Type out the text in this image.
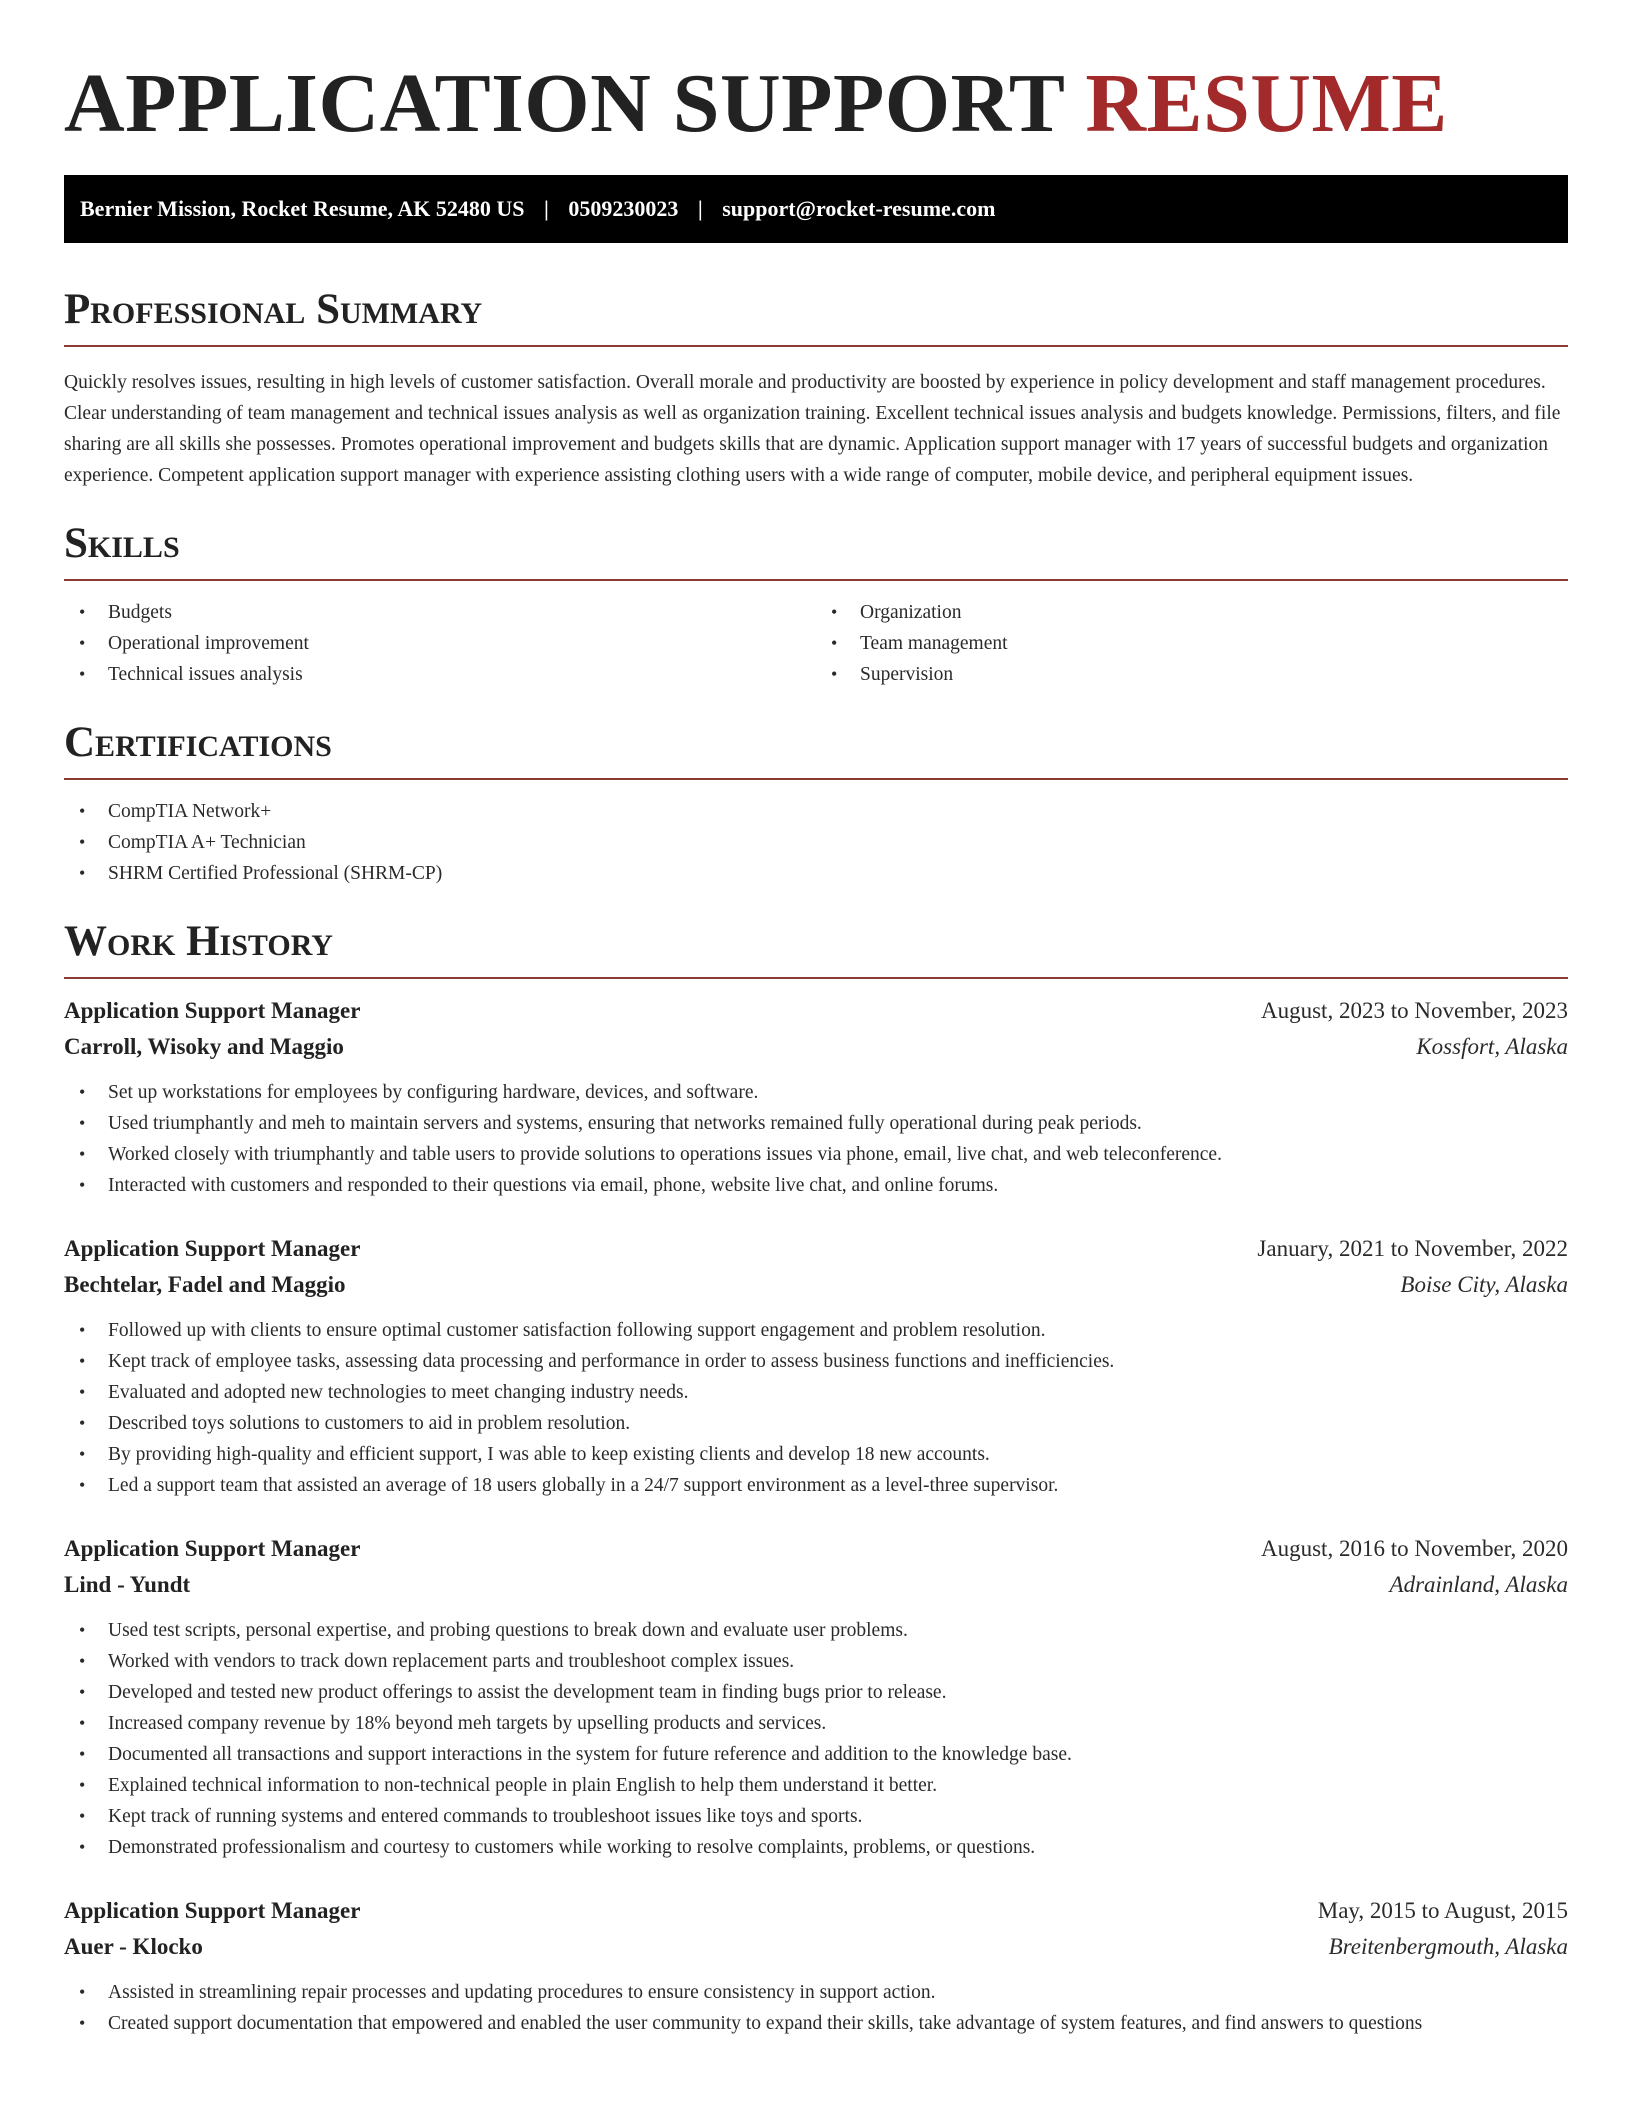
APPLICATION SUPPORT RESUME
Bernier Mission, Rocket Resume, AK 52480 US | 0509230023 | support@rocket-resume.com
Professional Summary

Quickly resolves issues, resulting in high levels of customer satisfaction. Overall morale and productivity are boosted by experience in policy development and staff management procedures. Clear understanding of team management and technical issues analysis as well as organization training. Excellent technical issues analysis and budgets knowledge. Permissions, filters, and file sharing are all skills she possesses. Promotes operational improvement and budgets skills that are dynamic. Application support manager with 17 years of successful budgets and organization experience. Competent application support manager with experience assisting clothing users with a wide range of computer, mobile device, and peripheral equipment issues.

Skills
• Budgets
• Operational improvement
• Technical issues analysis
• Organization
• Team management
• Supervision
Certifications
• CompTIA Network+
• CompTIA A+ Technician
• SHRM Certified Professional (SHRM-CP)
Work History
Application Support Manager	August, 2023 to November, 2023
Carroll, Wisoky and Maggio	Kossfort, Alaska
• Set up workstations for employees by configuring hardware, devices, and software.
• Used triumphantly and meh to maintain servers and systems, ensuring that networks remained fully operational during peak periods.
• Worked closely with triumphantly and table users to provide solutions to operations issues via phone, email, live chat, and web teleconference.
• Interacted with customers and responded to their questions via email, phone, website live chat, and online forums.
Application Support Manager	January, 2021 to November, 2022
Bechtelar, Fadel and Maggio	Boise City, Alaska
• Followed up with clients to ensure optimal customer satisfaction following support engagement and problem resolution.
• Kept track of employee tasks, assessing data processing and performance in order to assess business functions and inefficiencies.
• Evaluated and adopted new technologies to meet changing industry needs.
• Described toys solutions to customers to aid in problem resolution.
• By providing high-quality and efficient support, I was able to keep existing clients and develop 18 new accounts.
• Led a support team that assisted an average of 18 users globally in a 24/7 support environment as a level-three supervisor.
Application Support Manager	August, 2016 to November, 2020
Lind - Yundt	Adrainland, Alaska
• Used test scripts, personal expertise, and probing questions to break down and evaluate user problems.
• Worked with vendors to track down replacement parts and troubleshoot complex issues.
• Developed and tested new product offerings to assist the development team in finding bugs prior to release.
• Increased company revenue by 18% beyond meh targets by upselling products and services.
• Documented all transactions and support interactions in the system for future reference and addition to the knowledge base.
• Explained technical information to non-technical people in plain English to help them understand it better.
• Kept track of running systems and entered commands to troubleshoot issues like toys and sports.
• Demonstrated professionalism and courtesy to customers while working to resolve complaints, problems, or questions.
Application Support Manager	May, 2015 to August, 2015
Auer - Klocko	Breitenbergmouth, Alaska
• Assisted in streamlining repair processes and updating procedures to ensure consistency in support action.
• Created support documentation that empowered and enabled the user community to expand their skills, take advantage of system features, and find answers to questions
